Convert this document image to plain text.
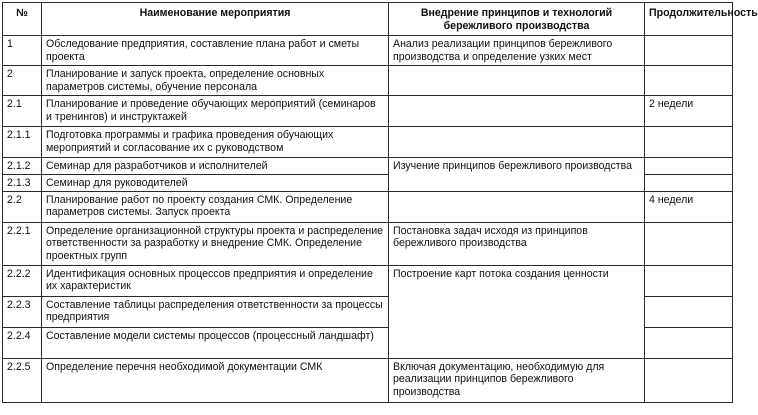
№	Наименование мероприятия	Внедрение принципов и технологий бережливого производства	Продолжительность
1	Обследование предприятия, составление плана работ и сметы проекта	Анализ реализации принципов бережливого производства и определение узких мест	
2	Планирование и запуск проекта, определение основных параметров системы, обучение персонала		
2.1	Планирование и проведение обучающих мероприятий (семинаров и тренингов) и инструктажей		2 недели
2.1.1	Подготовка программы и графика проведения обучающих мероприятий и согласование их с руководством		
2.1.2	Семинар для разработчиков и исполнителей	Изучение принципов бережливого производства	
2.1.3	Семинар для руководителей		
2.2	Планирование работ по проекту создания СМК. Определение параметров системы. Запуск проекта		4 недели
2.2.1	Определение организационной структуры проекта и распределение ответственности за разработку и внедрение СМК. Определение проектных групп	Постановка задач исходя из принципов бережливого производства	
2.2.2	Идентификация основных процессов предприятия и определение их характеристик	Построение карт потока создания ценности	
2.2.3	Составление таблицы распределения ответственности за процессы предприятия		
2.2.4	Составление модели системы процессов (процессный ландшафт)		
2.2.5	Определение перечня необходимой документации СМК	Включая документацию, необходимую для реализации принципов бережливого производства	
